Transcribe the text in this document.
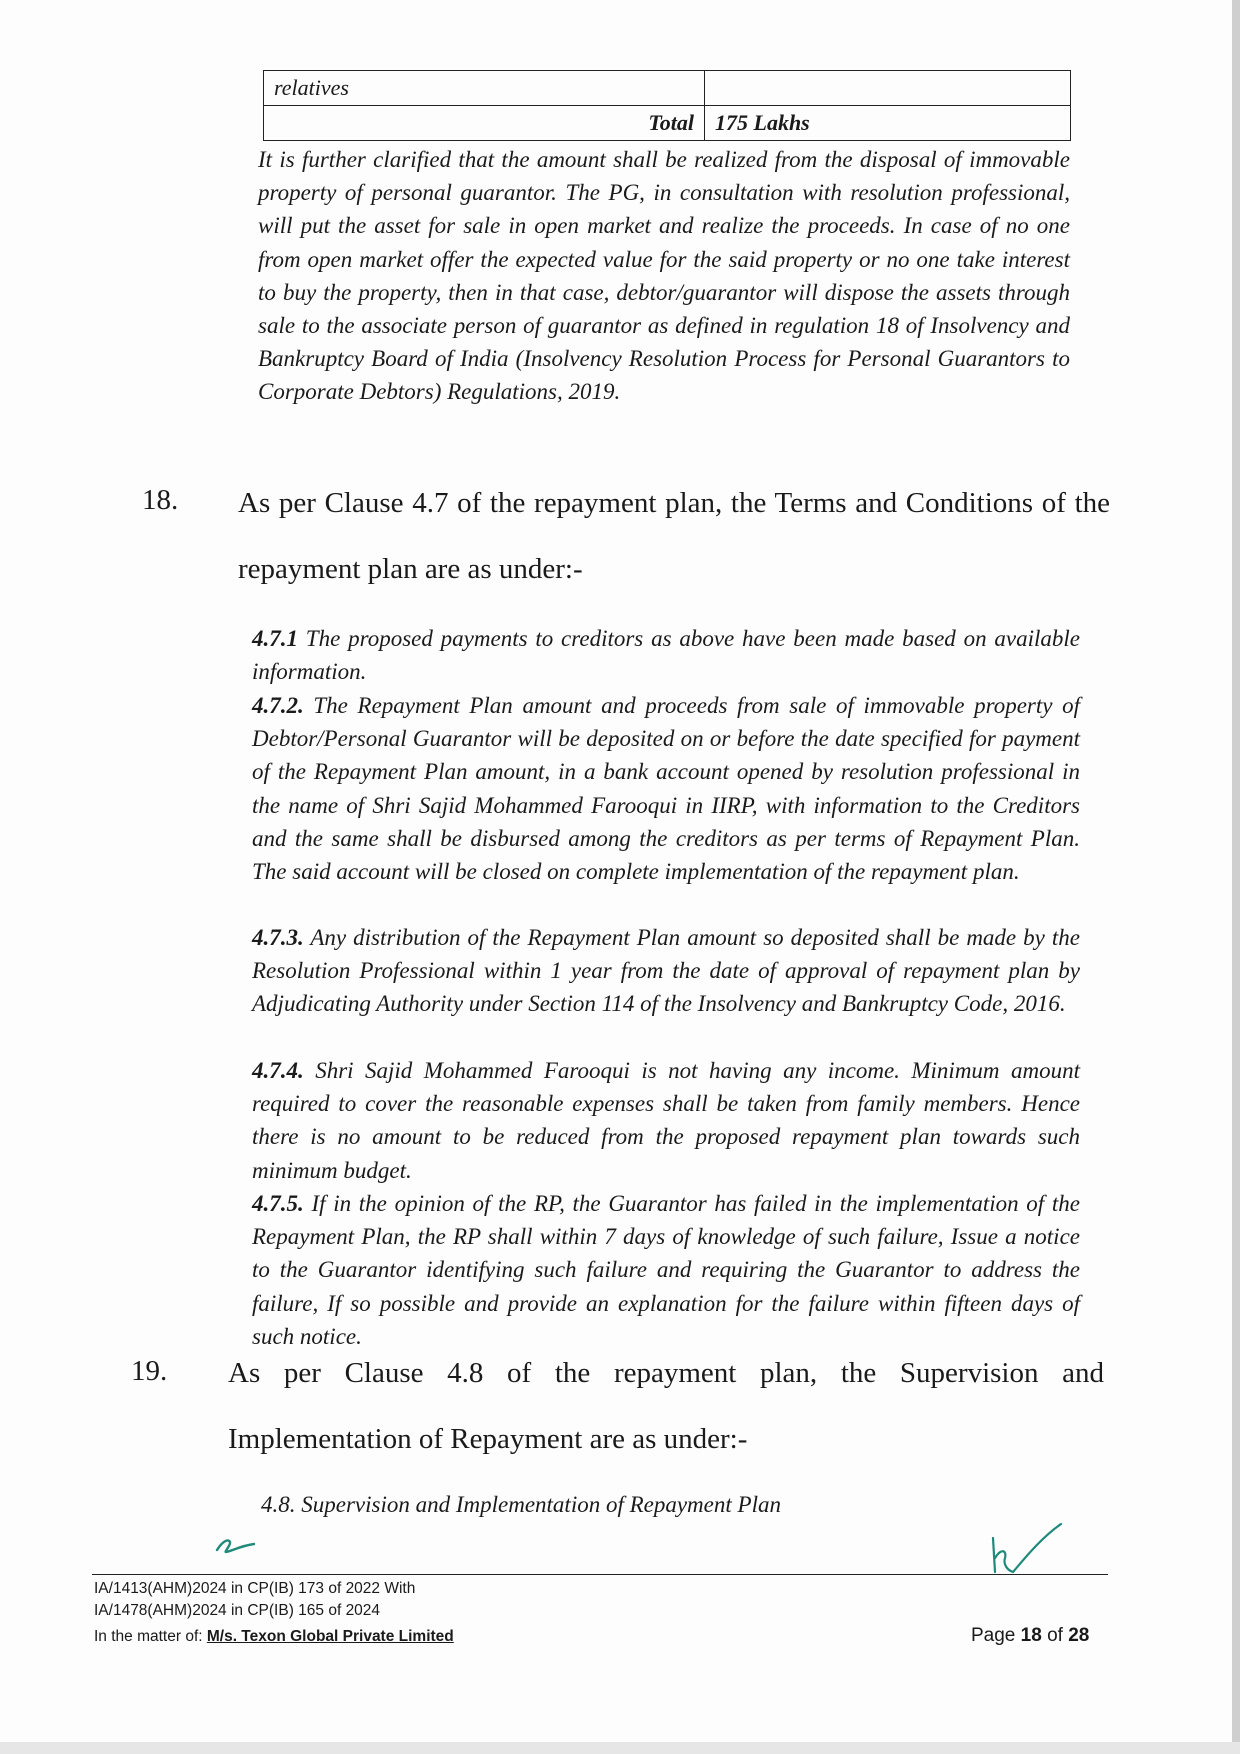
relatives	
Total	175 Lakhs
It is further clarified that the amount shall be realized from the disposal of immovable property of personal guarantor. The PG, in consultation with resolution professional, will put the asset for sale in open market and realize the proceeds. In case of no one from open market offer the expected value for the said property or no one take interest to buy the property, then in that case, debtor/guarantor will dispose the assets through sale to the associate person of guarantor as defined in regulation 18 of Insolvency and Bankruptcy Board of India (Insolvency Resolution Process for Personal Guarantors to Corporate Debtors) Regulations, 2019.
18. As per Clause 4.7 of the repayment plan, the Terms and Conditions of the repayment plan are as under:-
4.7.1 The proposed payments to creditors as above have been made based on available information.
4.7.2. The Repayment Plan amount and proceeds from sale of immovable property of Debtor/Personal Guarantor will be deposited on or before the date specified for payment of the Repayment Plan amount, in a bank account opened by resolution professional in the name of Shri Sajid Mohammed Farooqui in IIRP, with information to the Creditors and the same shall be disbursed among the creditors as per terms of Repayment Plan. The said account will be closed on complete implementation of the repayment plan.
4.7.3. Any distribution of the Repayment Plan amount so deposited shall be made by the Resolution Professional within 1 year from the date of approval of repayment plan by Adjudicating Authority under Section 114 of the Insolvency and Bankruptcy Code, 2016.
4.7.4. Shri Sajid Mohammed Farooqui is not having any income. Minimum amount required to cover the reasonable expenses shall be taken from family members. Hence there is no amount to be reduced from the proposed repayment plan towards such minimum budget.
4.7.5. If in the opinion of the RP, the Guarantor has failed in the implementation of the Repayment Plan, the RP shall within 7 days of knowledge of such failure, Issue a notice to the Guarantor identifying such failure and requiring the Guarantor to address the failure, If so possible and provide an explanation for the failure within fifteen days of such notice.
19. As per Clause 4.8 of the repayment plan, the Supervision and Implementation of Repayment are as under:-
4.8. Supervision and Implementation of Repayment Plan
IA/1413(AHM)2024 in CP(IB) 173 of 2022 With
IA/1478(AHM)2024 in CP(IB) 165 of 2024
In the matter of: M/s. Texon Global Private Limited	Page 18 of 28
